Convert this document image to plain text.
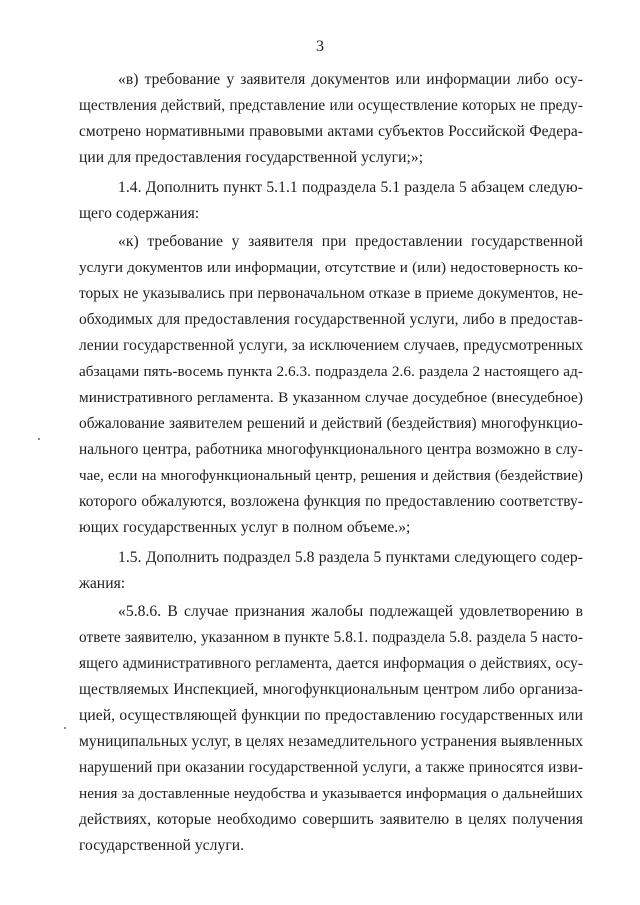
3
«в) требование у заявителя документов или информации либо осу-
ществления действий, представление или осуществление которых не преду-
смотрено нормативными правовыми актами субъектов Российской Федера-
ции для предоставления государственной услуги;»;
1.4. Дополнить пункт 5.1.1 подраздела 5.1 раздела 5 абзацем следую-
щего содержания:
«к) требование у заявителя при предоставлении государственной
услуги документов или информации, отсутствие и (или) недостоверность ко-
торых не указывались при первоначальном отказе в приеме документов, не-
обходимых для предоставления государственной услуги, либо в предостав-
лении государственной услуги, за исключением случаев, предусмотренных
абзацами пять-восемь пункта 2.6.3. подраздела 2.6. раздела 2 настоящего ад-
министративного регламента. В указанном случае досудебное (внесудебное)
обжалование заявителем решений и действий (бездействия) многофункцио-
нального центра, работника многофункционального центра возможно в слу-
чае, если на многофункциональный центр, решения и действия (бездействие)
которого обжалуются, возложена функция по предоставлению соответству-
ющих государственных услуг в полном объеме.»;
1.5. Дополнить подраздел 5.8 раздела 5 пунктами следующего содер-
жания:
«5.8.6. В случае признания жалобы подлежащей удовлетворению в
ответе заявителю, указанном в пункте 5.8.1. подраздела 5.8. раздела 5 насто-
ящего административного регламента, дается информация о действиях, осу-
ществляемых Инспекцией, многофункциональным центром либо организа-
цией, осуществляющей функции по предоставлению государственных или
муниципальных услуг, в целях незамедлительного устранения выявленных
нарушений при оказании государственной услуги, а также приносятся изви-
нения за доставленные неудобства и указывается информация о дальнейших
действиях, которые необходимо совершить заявителю в целях получения
государственной услуги.
